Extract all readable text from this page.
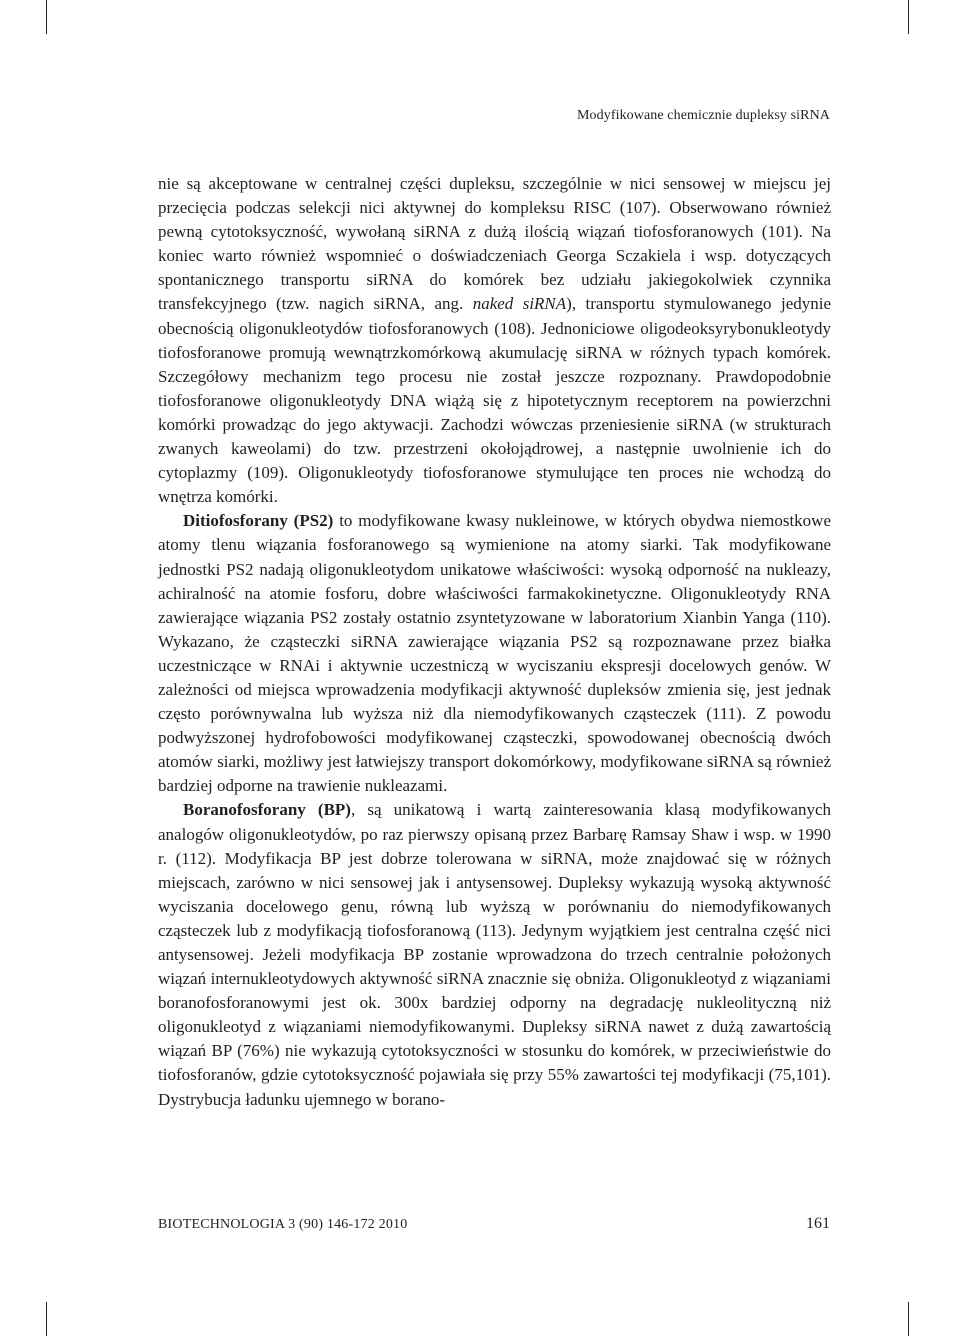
Modyfikowane chemicznie dupleksy siRNA

nie są akceptowane w centralnej części dupleksu, szczególnie w nici sensowej w miejscu jej przecięcia podczas selekcji nici aktywnej do kompleksu RISC (107). Obserwowano również pewną cytotoksyczność, wywołaną siRNA z dużą ilością wiązań tiofosforanowych (101). Na koniec warto również wspomnieć o doświadczeniach Georga Sczakiela i wsp. dotyczących spontanicznego transportu siRNA do komórek bez udziału jakiegokolwiek czynnika transfekcyjnego (tzw. nagich siRNA, ang. naked siRNA), transportu stymulowanego jedynie obecnością oligonukleotydów tiofosforanowych (108). Jednoniciowe oligodeoksyrybonukleotydy tiofosforanowe promują wewnątrzkomórkową akumulację siRNA w różnych typach komórek. Szczegółowy mechanizm tego procesu nie został jeszcze rozpoznany. Prawdopodobnie tiofosforanowe oligonukleotydy DNA wiążą się z hipotetycznym receptorem na powierzchni komórki prowadząc do jego aktywacji. Zachodzi wówczas przeniesienie siRNA (w strukturach zwanych kaweolami) do tzw. przestrzeni okołojądrowej, a następnie uwolnienie ich do cytoplazmy (109). Oligonukleotydy tiofosforanowe stymulujące ten proces nie wchodzą do wnętrza komórki.

Ditiofosforany (PS2) to modyfikowane kwasy nukleinowe, w których obydwa niemostkowe atomy tlenu wiązania fosforanowego są wymienione na atomy siarki. Tak modyfikowane jednostki PS2 nadają oligonukleotydom unikatowe właściwości: wysoką odporność na nukleazy, achiralność na atomie fosforu, dobre właściwości farmakokinetyczne. Oligonukleotydy RNA zawierające wiązania PS2 zostały ostatnio zsyntetyzowane w laboratorium Xianbin Yanga (110). Wykazano, że cząsteczki siRNA zawierające wiązania PS2 są rozpoznawane przez białka uczestniczące w RNAi i aktywnie uczestniczą w wyciszaniu ekspresji docelowych genów. W zależności od miejsca wprowadzenia modyfikacji aktywność dupleksów zmienia się, jest jednak często porównywalna lub wyższa niż dla niemodyfikowanych cząsteczek (111). Z powodu podwyższonej hydrofobowości modyfikowanej cząsteczki, spowodowanej obecnością dwóch atomów siarki, możliwy jest łatwiejszy transport dokomórkowy, modyfikowane siRNA są również bardziej odporne na trawienie nukleazami.

Boranofosforany (BP), są unikatową i wartą zainteresowania klasą modyfikowanych analogów oligonukleotydów, po raz pierwszy opisaną przez Barbarę Ramsay Shaw i wsp. w 1990 r. (112). Modyfikacja BP jest dobrze tolerowana w siRNA, może znajdować się w różnych miejscach, zarówno w nici sensowej jak i antysensowej. Dupleksy wykazują wysoką aktywność wyciszania docelowego genu, równą lub wyższą w porównaniu do niemodyfikowanych cząsteczek lub z modyfikacją tiofosforanową (113). Jedynym wyjątkiem jest centralna część nici antysensowej. Jeżeli modyfikacja BP zostanie wprowadzona do trzech centralnie położonych wiązań internukleotydowych aktywność siRNA znacznie się obniża. Oligonukleotyd z wiązaniami boranofosforanowymi jest ok. 300x bardziej odporny na degradację nukleolityczną niż oligonukleotyd z wiązaniami niemodyfikowanymi. Dupleksy siRNA nawet z dużą zawartością wiązań BP (76%) nie wykazują cytotoksyczności w stosunku do komórek, w przeciwieństwie do tiofosforanów, gdzie cytotoksyczność pojawiała się przy 55% zawartości tej modyfikacji (75,101). Dystrybucja ładunku ujemnego w borano-

BIOTECHNOLOGIA 3 (90) 146-172 2010	161
